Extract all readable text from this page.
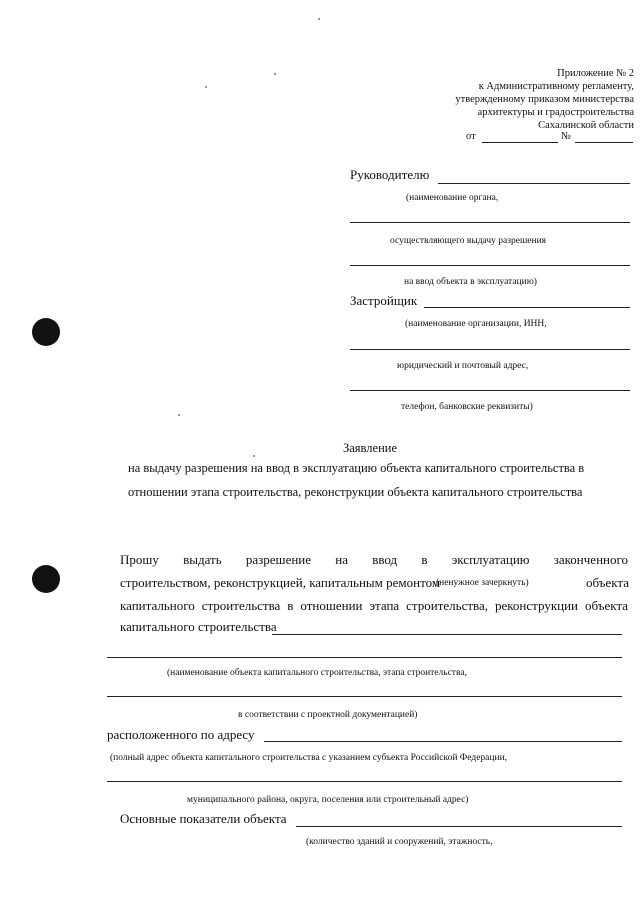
Приложение № 2
к Административному регламенту,
утвержденному приказом министерства
архитектуры и градостроительства
Сахалинской области
от	№
Руководителю
(наименование органа,
осуществляющего выдачу разрешения
на ввод объекта в эксплуатацию)
Застройщик
(наименование организации, ИНН,
юридический и почтовый адрес,
телефон, банковские реквизиты)
Заявление
на выдачу разрешения на ввод в эксплуатацию объекта капитального строительства в
отношении этапа строительства, реконструкции объекта капитального строительства
Прошу выдать разрешение на ввод в эксплуатацию законченного
строительством, реконструкцией, капитальным ремонтом
(ненужное зачеркнуть)	объекта
капитального строительства в отношении этапа строительства, реконструкции объекта
капитального строительства
(наименование объекта капитального строительства, этапа строительства,
в соответствии с проектной документацией)
расположенного по адресу
(полный адрес объекта капитального строительства с указанием субъекта Российской Федерации,
муниципального района, округа, поселения или строительный адрес)
Основные показатели объекта
(количество зданий и сооружений, этажность,
